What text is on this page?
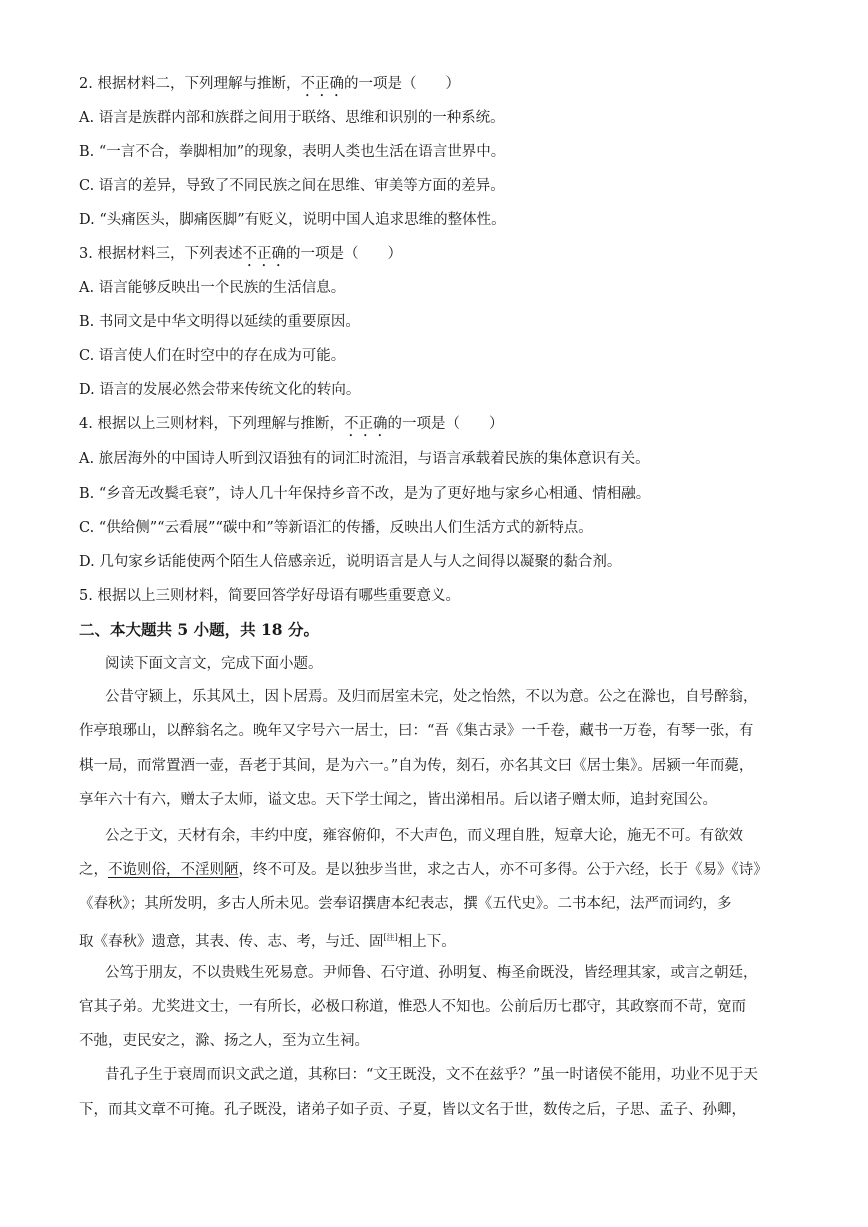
2. 根据材料二，下列理解与推断，不正确的一项是（　　）

A. 语言是族群内部和族群之间用于联络、思维和识别的一种系统。

B. “一言不合，拳脚相加”的现象，表明人类也生活在语言世界中。

C. 语言的差异，导致了不同民族之间在思维、审美等方面的差异。

D. “头痛医头，脚痛医脚”有贬义，说明中国人追求思维的整体性。

3. 根据材料三，下列表述不正确的一项是（　　）

A. 语言能够反映出一个民族的生活信息。

B. 书同文是中华文明得以延续的重要原因。

C. 语言使人们在时空中的存在成为可能。

D. 语言的发展必然会带来传统文化的转向。

4. 根据以上三则材料，下列理解与推断，不正确的一项是（　　）

A. 旅居海外的中国诗人听到汉语独有的词汇时流泪，与语言承载着民族的集体意识有关。

B. “乡音无改鬓毛衰”，诗人几十年保持乡音不改，是为了更好地与家乡心相通、情相融。

C. “供给侧”“云看展”“碳中和”等新语汇的传播，反映出人们生活方式的新特点。

D. 几句家乡话能使两个陌生人倍感亲近，说明语言是人与人之间得以凝聚的黏合剂。

5. 根据以上三则材料，简要回答学好母语有哪些重要意义。

二、本大题共 5 小题，共 18 分。

阅读下面文言文，完成下面小题。

公昔守颍上，乐其风土，因卜居焉。及归而居室未完，处之怡然，不以为意。公之在滁也，自号醉翁，

作亭琅琊山，以醉翁名之。晚年又字号六一居士，曰：“吾《集古录》一千卷，藏书一万卷，有琴一张，有

棋一局，而常置酒一壶，吾老于其间，是为六一。”自为传，刻石，亦名其文曰《居士集》。居颍一年而薨，

享年六十有六，赠太子太师，谥文忠。天下学士闻之，皆出涕相吊。后以诸子赠太师，追封兖国公。

公之于文，天材有余，丰约中度，雍容俯仰，不大声色，而义理自胜，短章大论，施无不可。有欲效

之，不诡则俗，不淫则陋，终不可及。是以独步当世，求之古人，亦不可多得。公于六经，长于《易》《诗》

《春秋》；其所发明，多古人所未见。尝奉诏撰唐本纪表志，撰《五代史》。二书本纪，法严而词约，多

取《春秋》遗意，其表、传、志、考，与迁、固[注]相上下。

公笃于朋友，不以贵贱生死易意。尹师鲁、石守道、孙明复、梅圣俞既没，皆经理其家，或言之朝廷，

官其子弟。尤奖进文士，一有所长，必极口称道，惟恐人不知也。公前后历七郡守，其政察而不苛，宽而

不弛，吏民安之，滁、扬之人，至为立生祠。

昔孔子生于衰周而识文武之道，其称曰：“文王既没，文不在兹乎？”虽一时诸侯不能用，功业不见于天

下，而其文章不可掩。孔子既没，诸弟子如子贡、子夏，皆以文名于世，数传之后，子思、孟子、孙卿，
